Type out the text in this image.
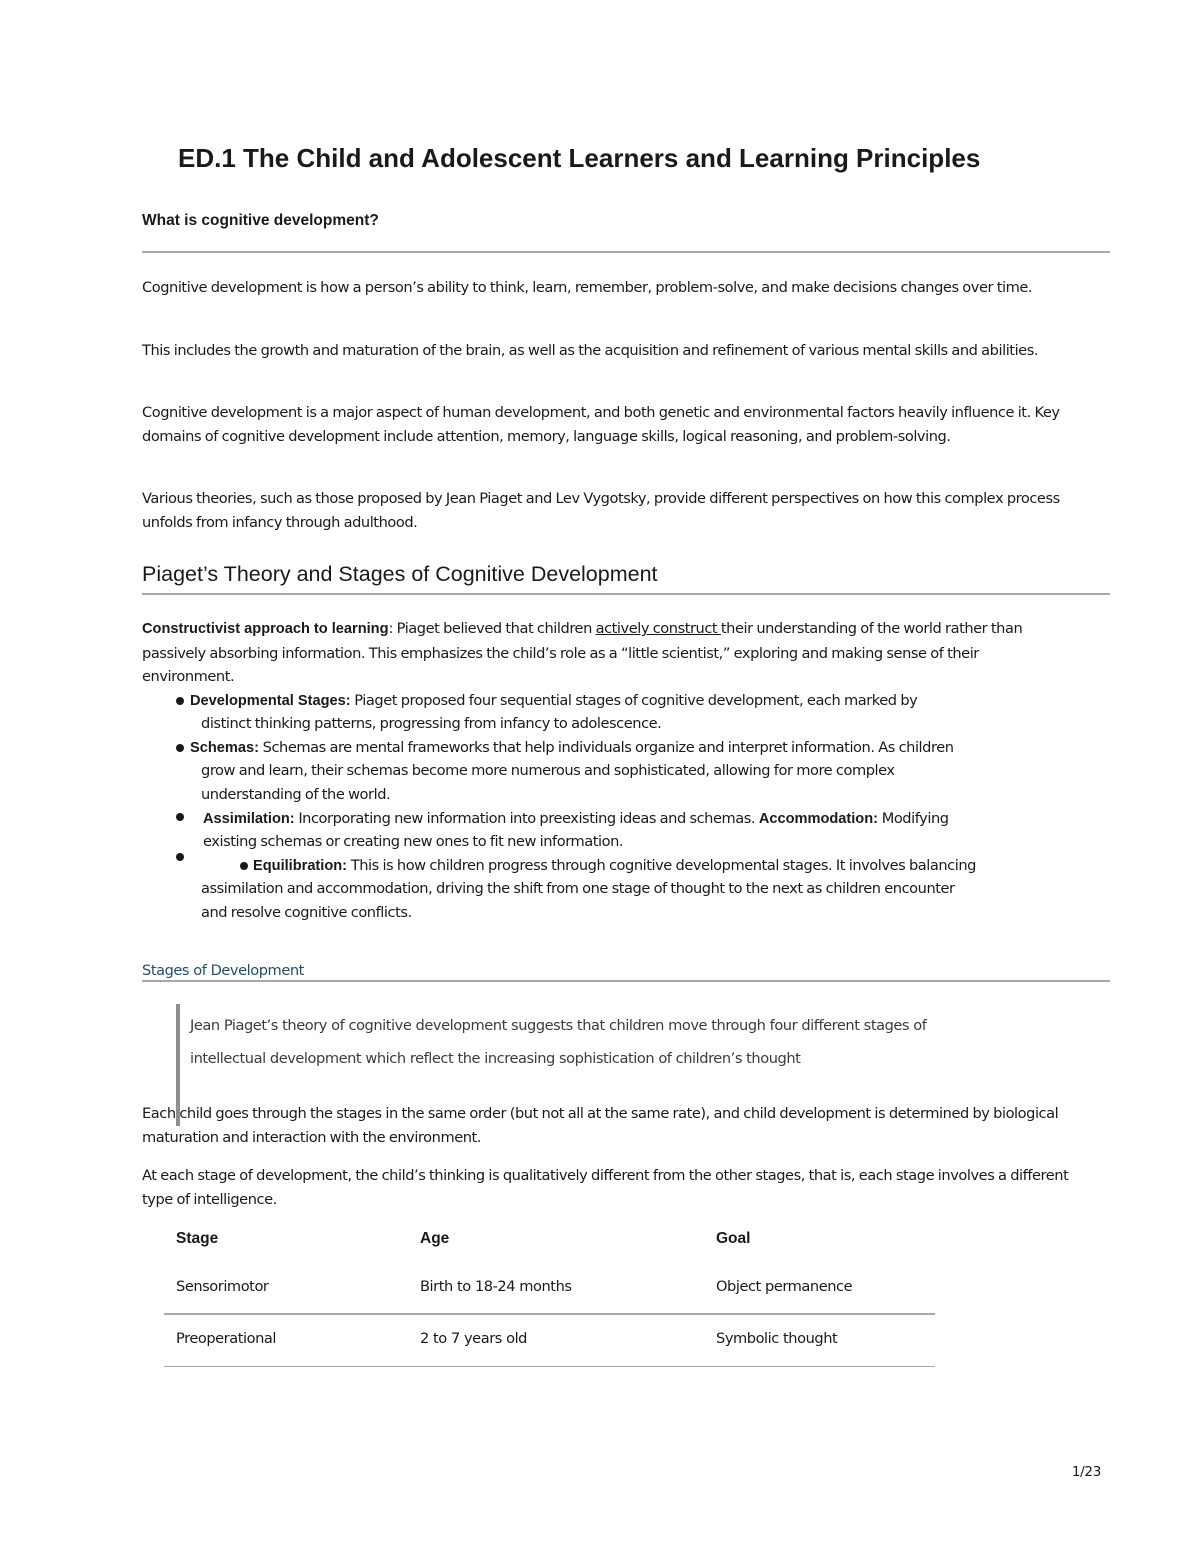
ED.1 The Child and Adolescent Learners and Learning Principles
What is cognitive development?

Cognitive development is how a person’s ability to think, learn, remember, problem-solve, and make decisions changes over time.

This includes the growth and maturation of the brain, as well as the acquisition and refinement of various mental skills and abilities.

Cognitive development is a major aspect of human development, and both genetic and environmental factors heavily influence it. Key domains of cognitive development include attention, memory, language skills, logical reasoning, and problem-solving.

Various theories, such as those proposed by Jean Piaget and Lev Vygotsky, provide different perspectives on how this complex process unfolds from infancy through adulthood.

Piaget’s Theory and Stages of Cognitive Development

Constructivist approach to learning: Piaget believed that children actively construct their understanding of the world rather than passively absorbing information. This emphasizes the child’s role as a “little scientist,” exploring and making sense of their environment.

Developmental Stages: Piaget proposed four sequential stages of cognitive development, each marked by

distinct thinking patterns, progressing from infancy to adolescence.

Schemas: Schemas are mental frameworks that help individuals organize and interpret information. As children

grow and learn, their schemas become more numerous and sophisticated, allowing for more complex

understanding of the world.

Assimilation: Incorporating new information into preexisting ideas and schemas. Accommodation: Modifying

existing schemas or creating new ones to fit new information.

Equilibration: This is how children progress through cognitive developmental stages. It involves balancing

assimilation and accommodation, driving the shift from one stage of thought to the next as children encounter

and resolve cognitive conflicts.

Stages of Development

Jean Piaget’s theory of cognitive development suggests that children move through four different stages of

intellectual development which reflect the increasing sophistication of children’s thought

Each child goes through the stages in the same order (but not all at the same rate), and child development is determined by biological maturation and interaction with the environment.

At each stage of development, the child’s thinking is qualitatively different from the other stages, that is, each stage involves a different type of intelligence.

Stage	Age	Goal

Sensorimotor	Birth to 18-24 months	Object permanence

Preoperational	2 to 7 years old	Symbolic thought

1/23
